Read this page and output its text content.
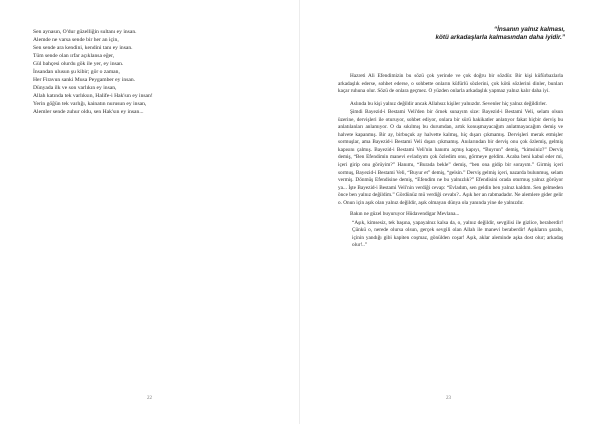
Sen aynasın, O'dur güzelliğin sultanı ey insan.
Alemde ne varsa sende bir her an için,
Sen sende ara kendini, kendini tanı ey insan.
Tüm sende olan ırfar açıklansa eğer,
Gül bahçesi olurdu gök ile yer, ey insan.
İnsandan ulusun şu kibir; gör o zaman,
Her Firavun sanki Musa Peygamber ey insan.
Dünyada ilk ve son varlıkın ey insan,
Allah katında tek varlıksın, Halife-i Hak'sın ey insan!
Yerin göğün tek varlığı, kainatın nurusun ey insan,
Alemler sende zuhur oldu, sen Hak'sın ey insan...
22
“İnsanın yalnız kalması,
kötü arkadaşlarla kalmasından daha iyidir.”

Hazreti Ali Efendimizin bu sözü çok yerinde ve çok doğru bir sözdür. Bir kişi küfürbazlarla arkadaşlık ederse, sohbet ederse, o sohbette onların küfürlü sözlerini, çok kötü sözlerini dinler, bunları kaçar ruhuna olur. Sözü de onlara geçmez. O yüzden onlarla arkadaşlık yapmaz yalnız kalır daha iyi.

Aslında bu kişi yalnız değildir ancak Allahsız kişiler yalnızdır. Sevenler hiç yalnız değildirler.

Şimdi Bayezid-i Bestami Veli'den bir örnek sunayım size: Bayezid-i Bestami Veli, selam olsun üzerine, dervişleri ile oturuyor, sohbet ediyor, onlara bir sürü hakikatler anlatıyor fakat hiçbir derviş bu anlatılanları anlamıyor. O da sıkılmış bu durumdan, artık konuşmayacağım anlatmayacağım demiş ve halvete kapanmış. Bir ay, birbuçuk ay halvette kalmış, hiç dışarı çıkmamış. Dervişleri merak etmişler sormuşlar, ama Bayezid-i Bestami Veli dışarı çıkmamış. Anılarından bir derviş onu çok özlemiş, gelmiş kapısını çalmış. Bayezid-i Bestami Veli'nin hanımı açmış kapıyı, “Buyrun” demiş, “kimsiniz?” Derviş demiş, “Ben Efendimin manevi evladıyım çok özledim onu, görmeye geldim. Acaba beni kabul eder mi, içeri girip onu görüyim?” Hanımı, “Burada bekle” demiş, “ben ona gidip bir sorayım.” Girmiş içeri sormuş, Bayezid-i Bestami Veli, “Buyur et” demiş, “gelsin.” Derviş gelmiş içeri, nazarda bulunmuş, selam vermiş. Dönmüş Efendisine demiş, “Efendim ne bu yalnızlık?” Efendisini orada oturmuş yalnız görüyor ya... İşte Bayezid-i Bestami Veli'nin verdiği cevap: “Evladım, sen geldin ben yalnız kaldım. Sen gelmeden önce ben yalnız değildim.” Gördünüz mü verdiği cevabı?.. Aşık her an rabmadadır. Ne alemlere gider gelir o. Onun için aşık olan yalnız değildir, aşık olmayan dünya ola yanında yine de yalnızdır.

Bakın ne güzel buyuruyor Hüdavendigar Mevlana...

“Aşık, kimsesiz, tek başına, yapayalnız kalsa da, o, yalnız değildir, sevgilisi ile gizlice, beraberdir! Çünkü o, nerede olursa olsun, gerçek sevgili olan Allah ile manevi beraberdir! Aşıkların şarabı, içinin yandığı gibi kapiten coşmaz, gönülden coşar! Aşık, aklar aleminde aşka dost olur; arkadaş olur!..”

23
